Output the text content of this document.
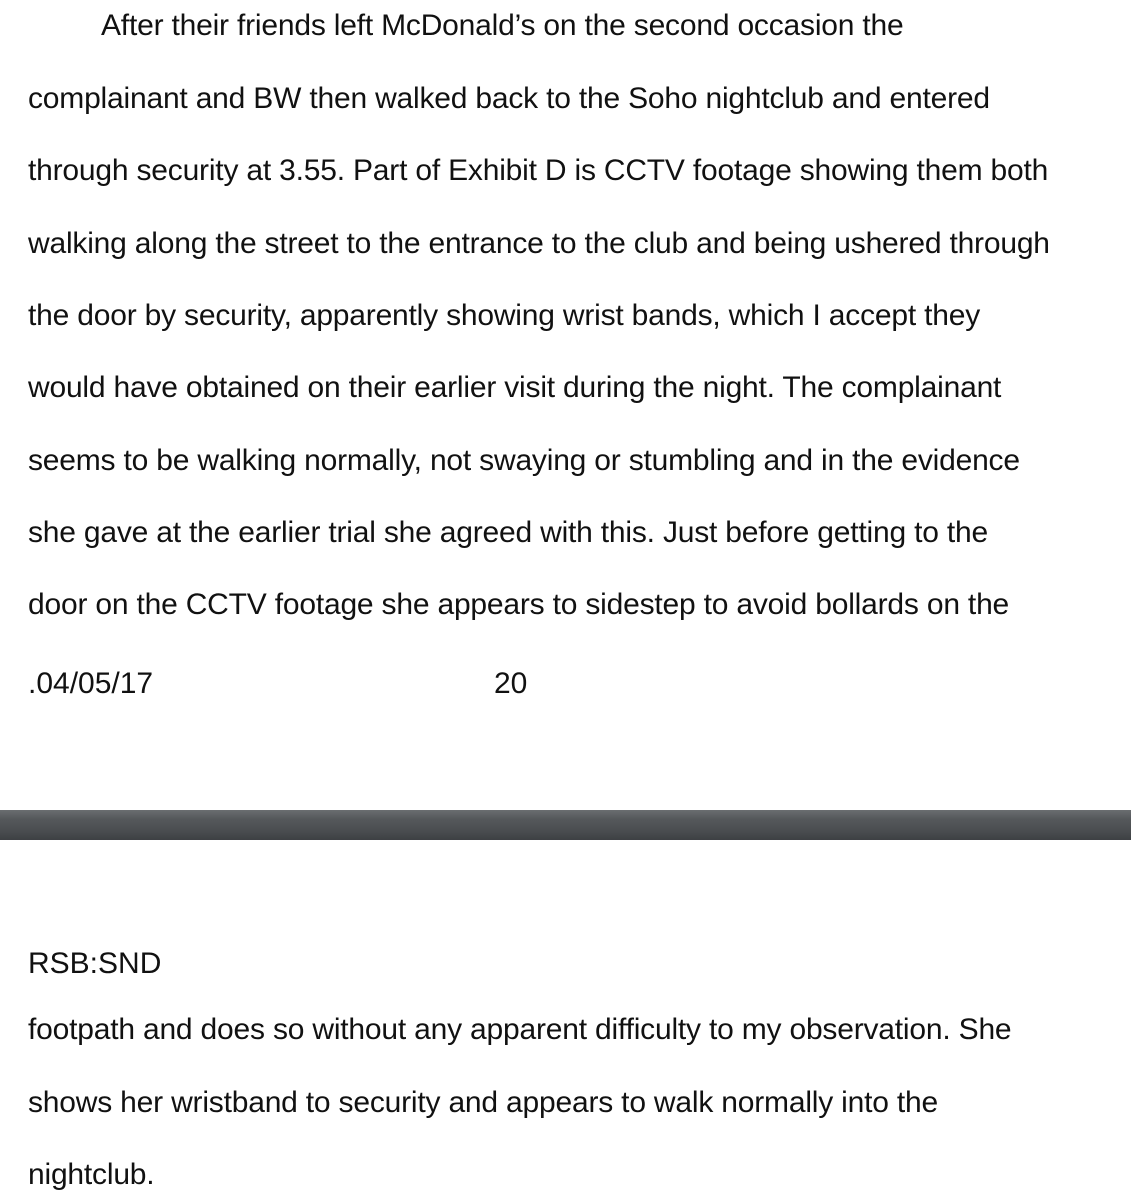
After their friends left McDonald’s on the second occasion the

complainant and BW then walked back to the Soho nightclub and entered

through security at 3.55. Part of Exhibit D is CCTV footage showing them both

walking along the street to the entrance to the club and being ushered through

the door by security, apparently showing wrist bands, which I accept they

would have obtained on their earlier visit during the night. The complainant

seems to be walking normally, not swaying or stumbling and in the evidence

she gave at the earlier trial she agreed with this. Just before getting to the

door on the CCTV footage she appears to sidestep to avoid bollards on the

.04/05/17	20
RSB:SND

footpath and does so without any apparent difficulty to my observation. She

shows her wristband to security and appears to walk normally into the

nightclub.
